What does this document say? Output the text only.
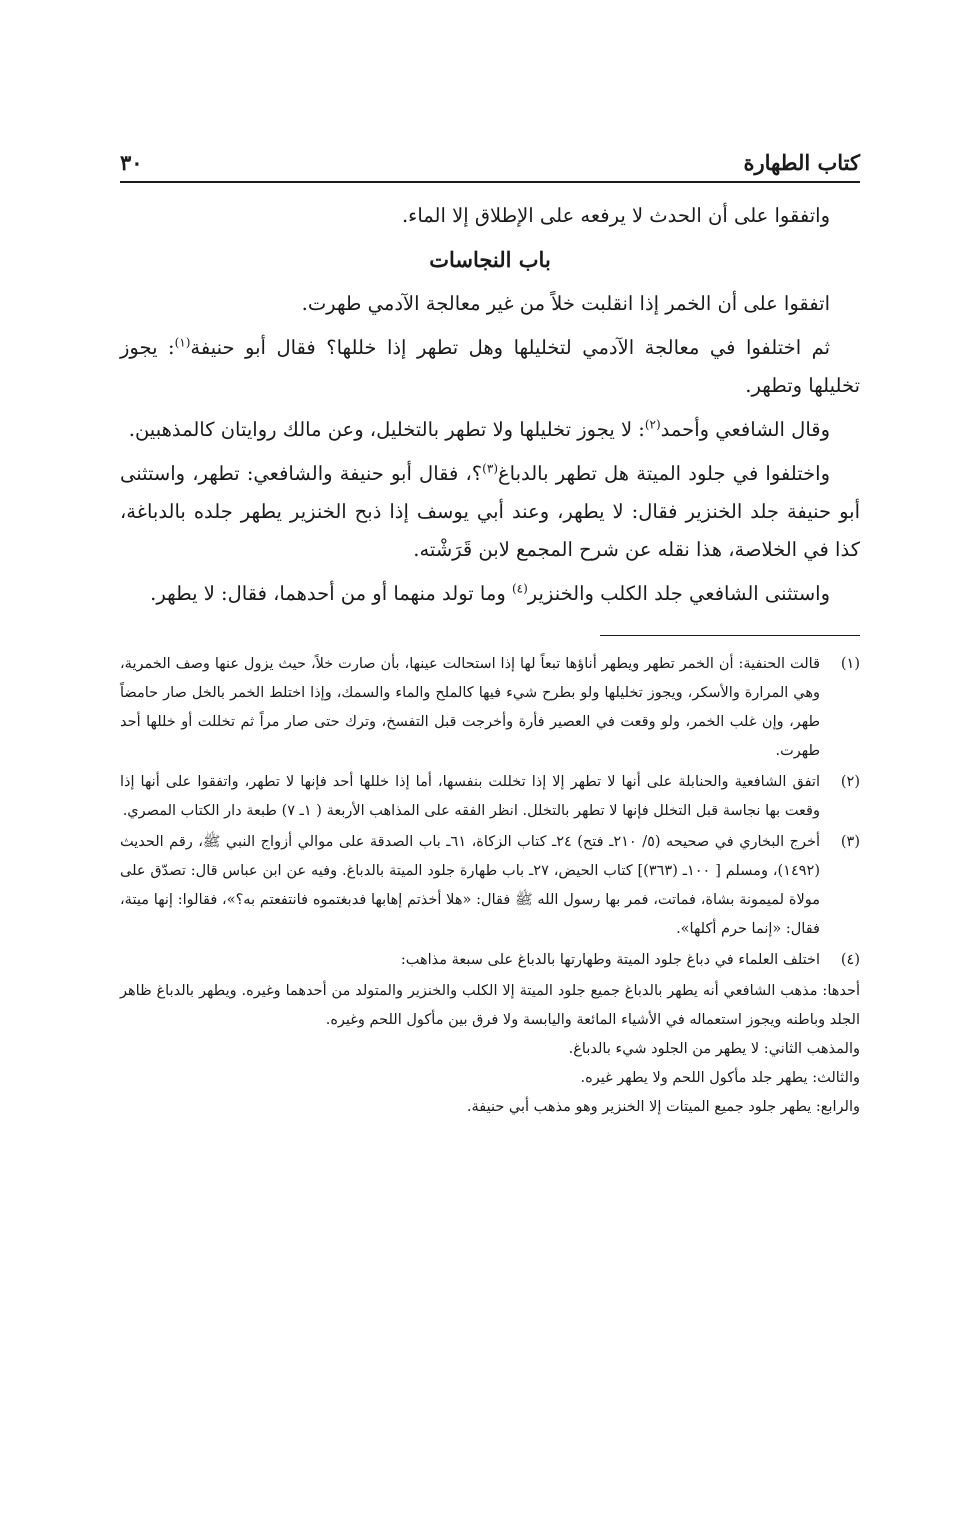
كتاب الطهارة
٣٠

واتفقوا على أن الحدث لا يرفعه على الإطلاق إلا الماء.

باب النجاسات

اتفقوا على أن الخمر إذا انقلبت خلاً من غير معالجة الآدمي طهرت.

ثم اختلفوا في معالجة الآدمي لتخليلها وهل تطهر إذا خللها؟ فقال أبو حنيفة$^{(١)}$: يجوز تخليلها وتطهر.

وقال الشافعي وأحمد$^{(٢)}$: لا يجوز تخليلها ولا تطهر بالتخليل، وعن مالك روايتان كالمذهبين.

واختلفوا في جلود الميتة هل تطهر بالدباغ$^{(٣)}$؟، فقال أبو حنيفة والشافعي: تطهر، واستثنى أبو حنيفة جلد الخنزير فقال: لا يطهر، وعند أبي يوسف إذا ذبح الخنزير يطهر جلده بالدباغة، كذا في الخلاصة، هذا نقله عن شرح المجمع لابن قَرَشْته.

واستثنى الشافعي جلد الكلب والخنزير$^{(٤)}$ وما تولد منهما أو من أحدهما، فقال: لا يطهر.

(١)
قالت الحنفية: أن الخمر تطهر ويطهر أناؤها تبعاً لها إذا استحالت عينها، بأن صارت خلاً، حيث يزول عنها وصف الخمرية، وهي المرارة والأسكر، ويجوز تخليلها ولو بطرح شيء فيها كالملح والماء والسمك، وإذا اختلط الخمر بالخل صار حامضاً طهر، وإن غلب الخمر، ولو وقعت في العصير فأرة وأخرجت قبل التفسخ، وترك حتى صار مراً ثم تخللت أو خللها أحد طهرت.
(٢)
اتفق الشافعية والحنابلة على أنها لا تطهر إلا إذا تخللت بنفسها، أما إذا خللها أحد فإنها لا تطهر، واتفقوا على أنها إذا وقعت بها نجاسة قبل التخلل فإنها لا تطهر بالتخلل. انظر الفقه على المذاهب الأربعة ( ١ـ ٧) طبعة دار الكتاب المصري.
(٣)
أخرج البخاري في صحيحه (٥/ ٢١٠ـ فتح) ٢٤ـ كتاب الزكاة، ٦١ـ باب الصدقة على موالي أزواج النبي ﷺ، رقم الحديث (١٤٩٢)، ومسلم [ ١٠٠ـ (٣٦٣)] كتاب الحيض، ٢٧ـ باب طهارة جلود الميتة بالدباغ. وفيه عن ابن عباس قال: تصدّق على مولاة لميمونة بشاة، فماتت، فمر بها رسول الله ﷺ فقال: «هلا أخذتم إهابها فدبغتموه فانتفعتم به؟»، فقالوا: إنها ميتة، فقال: «إنما حرم أكلها».
(٤)
اختلف العلماء في دباغ جلود الميتة وطهارتها بالدباغ على سبعة مذاهب:
أحدها: مذهب الشافعي أنه يطهر بالدباغ جميع جلود الميتة إلا الكلب والخنزير والمتولد من أحدهما وغيره. ويطهر بالدباغ ظاهر الجلد وباطنه ويجوز استعماله في الأشياء المائعة واليابسة ولا فرق بين مأكول اللحم وغيره.
والمذهب الثاني: لا يطهر من الجلود شيء بالدباغ.
والثالث: يطهر جلد مأكول اللحم ولا يطهر غيره.
والرابع: يطهر جلود جميع الميتات إلا الخنزير وهو مذهب أبي حنيفة.
